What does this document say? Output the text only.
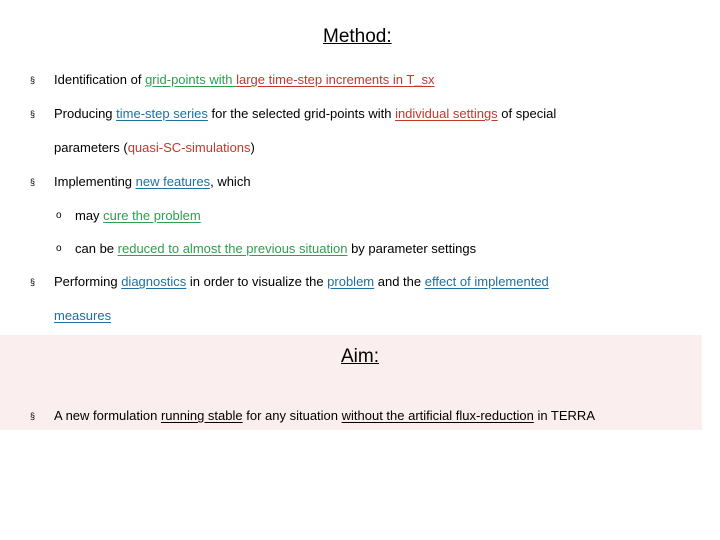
Method:
§ Identification of grid-points with large time-step increments in T_sx
§ Producing time-step series for the selected grid-points with individual settings of special
parameters (quasi-SC-simulations)
§ Implementing new features, which
o may cure the problem
o can be reduced to almost the previous situation by parameter settings
§ Performing diagnostics in order to visualize the problem and the effect of implemented
measures
Aim:
§ A new formulation running stable for any situation without the artificial flux-reduction in TERRA
